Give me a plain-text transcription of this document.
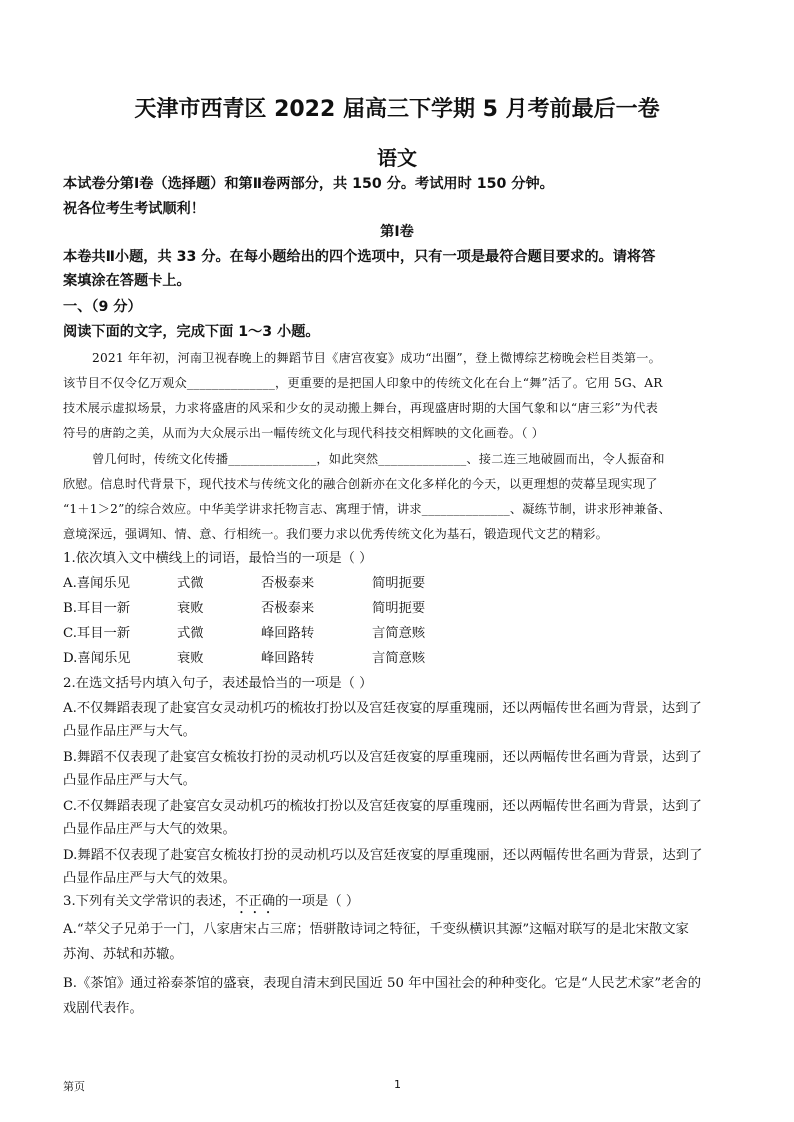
天津市西青区 2022 届高三下学期 5 月考前最后一卷
语文
本试卷分第Ⅰ卷（选择题）和第Ⅱ卷两部分，共 150 分。考试用时 150 分钟。
祝各位考生考试顺利！
第Ⅰ卷
本卷共Ⅱ小题，共 33 分。在每小题给出的四个选项中，只有一项是最符合题目要求的。请将答
案填涂在答题卡上。
一、（9 分）
阅读下面的文字，完成下面 1～3 小题。
2021 年年初，河南卫视春晚上的舞蹈节目《唐宫夜宴》成功“出圈”，登上微博综艺榜晚会栏目类第一。
该节目不仅令亿万观众______________，更重要的是把国人印象中的传统文化在台上“舞”活了。它用 5G、AR
技术展示虚拟场景，力求将盛唐的风采和少女的灵动搬上舞台，再现盛唐时期的大国气象和以“唐三彩”为代表
符号的唐韵之美，从而为大众展示出一幅传统文化与现代科技交相辉映的文化画卷。（ ）
曾几何时，传统文化传播______________，如此突然______________、接二连三地破圆而出，令人振奋和
欣慰。信息时代背景下，现代技术与传统文化的融合创新亦在文化多样化的今天，以更理想的荧幕呈现实现了
“1＋1＞2”的综合效应。中华美学讲求托物言志、寓理于情，讲求______________、凝练节制，讲求形神兼备、
意境深远，强调知、情、意、行相统一。我们要力求以优秀传统文化为基石，锻造现代文艺的精彩。
1.依次填入文中横线上的词语，最恰当的一项是（ ）
A.喜闻乐见	式微	否极泰来	简明扼要
B.耳目一新	衰败	否极泰来	简明扼要
C.耳目一新	式微	峰回路转	言简意赅
D.喜闻乐见	衰败	峰回路转	言简意赅
2.在选文括号内填入句子，表述最恰当的一项是（ ）
A.不仅舞蹈表现了赴宴宫女灵动机巧的梳妆打扮以及宫廷夜宴的厚重瑰丽，还以两幅传世名画为背景，达到了
凸显作品庄严与大气。
B.舞蹈不仅表现了赴宴宫女梳妆打扮的灵动机巧以及宫廷夜宴的厚重瑰丽，还以两幅传世名画为背景，达到了
凸显作品庄严与大气。
C.不仅舞蹈表现了赴宴宫女灵动机巧的梳妆打扮以及宫廷夜宴的厚重瑰丽，还以两幅传世名画为背景，达到了
凸显作品庄严与大气的效果。
D.舞蹈不仅表现了赴宴宫女梳妆打扮的灵动机巧以及宫廷夜宴的厚重瑰丽，还以两幅传世名画为背景，达到了
凸显作品庄严与大气的效果。
3.下列有关文学常识的表述，不正确的一项是（ ）
A.“萃父子兄弟于一门，八家唐宋占三席；悟骈散诗词之特征，千变纵横识其源”这幅对联写的是北宋散文家
苏洵、苏轼和苏辙。
B.《茶馆》通过裕泰茶馆的盛衰，表现自清末到民国近 50 年中国社会的种种变化。它是“人民艺术家”老舍的
戏剧代表作。
第页	1
